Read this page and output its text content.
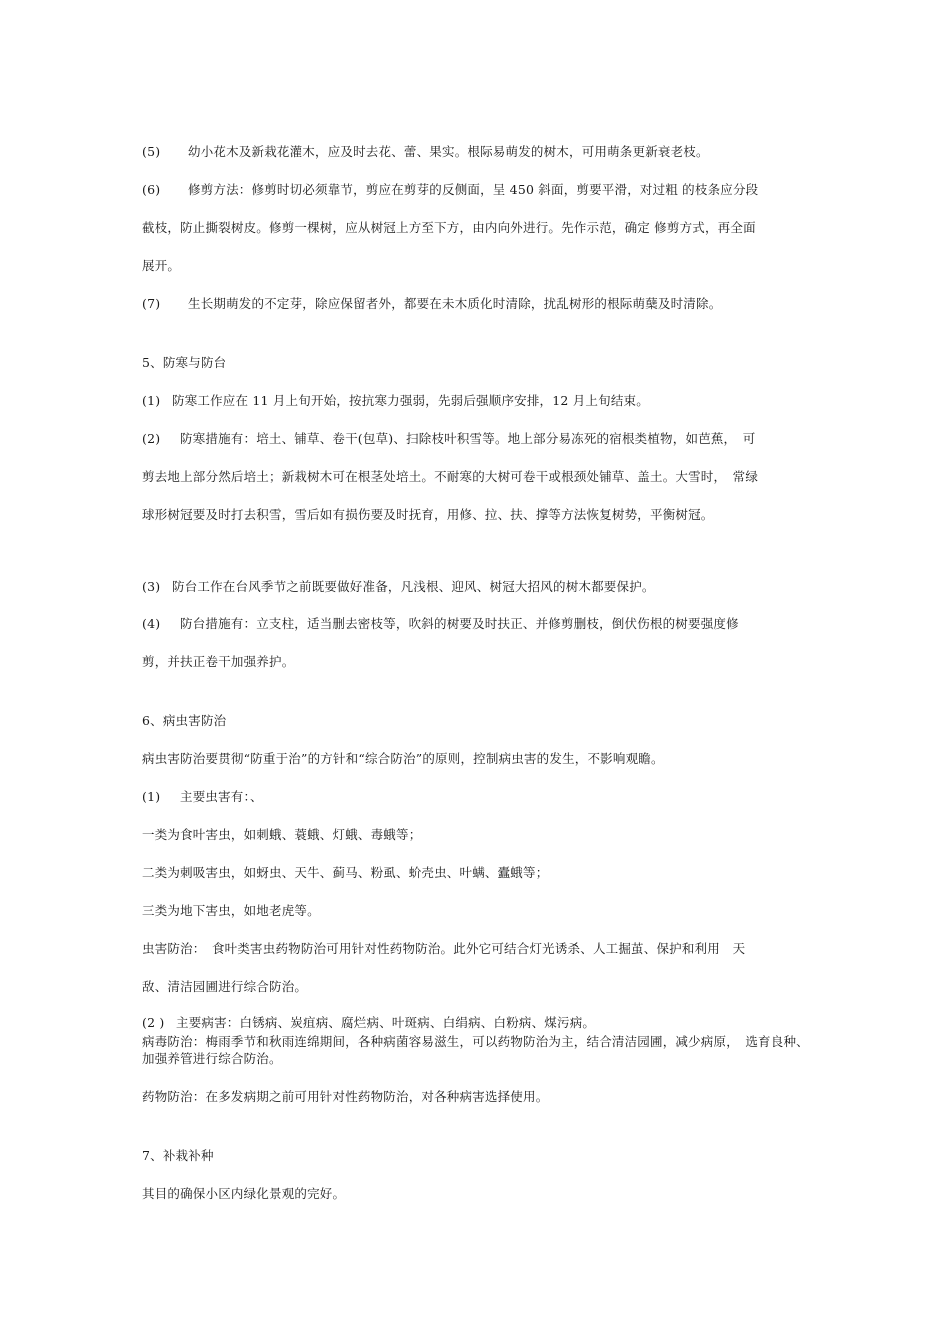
(5) 幼小花木及新栽花灌木，应及时去花、蕾、果实。根际易萌发的树木，可用萌条更新衰老枝。
(6) 修剪方法：修剪时切必须靠节，剪应在剪芽的反侧面，呈 450 斜面，剪要平滑，对过粗 的枝条应分段
截枝，防止撕裂树皮。修剪一棵树，应从树冠上方至下方，由内向外进行。先作示范，确定 修剪方式，再全面
展开。
(7) 生长期萌发的不定芽，除应保留者外，都要在未木质化时清除，扰乱树形的根际萌蘖及时清除。
5、防寒与防台
(1) 防寒工作应在 11 月上旬开始，按抗寒力强弱，先弱后强顺序安排，12 月上旬结束。
(2) 防寒措施有：培土、铺草、卷干(包草)、扫除枝叶积雪等。地上部分易冻死的宿根类植物，如芭蕉，　可
剪去地上部分然后培土；新栽树木可在根茎处培土。不耐寒的大树可卷干或根颈处铺草、盖土。大雪时，　常绿
球形树冠要及时打去积雪，雪后如有损伤要及时抚育，用修、拉、扶、撑等方法恢复树势，平衡树冠。
(3) 防台工作在台风季节之前既要做好准备，凡浅根、迎风、树冠大招风的树木都要保护。
(4) 防台措施有：立支柱，适当删去密枝等，吹斜的树要及时扶正、并修剪删枝，倒伏伤根的树要强度修
剪，并扶正卷干加强养护。
6、病虫害防治
病虫害防治要贯彻“防重于治”的方针和“综合防治”的原则，控制病虫害的发生，不影响观瞻。
(1) 主要虫害有：、
一类为食叶害虫，如刺蛾、蓑蛾、灯蛾、毒蛾等；
二类为刺吸害虫，如蚜虫、天牛、蓟马、粉虱、蚧壳虫、叶螨、蠹蛾等；
三类为地下害虫，如地老虎等。
虫害防治：　食叶类害虫药物防治可用针对性药物防治。此外它可结合灯光诱杀、人工掘茧、保护和利用　天
敌、清洁园圃进行综合防治。
(2 ) 主要病害：白锈病、炭疽病、腐烂病、叶斑病、白绢病、白粉病、煤污病。
病毒防治：梅雨季节和秋雨连绵期间，各种病菌容易滋生，可以药物防治为主，结合清洁园圃，减少病原，　选育良种、加强养管进行综合防治。
药物防治：在多发病期之前可用针对性药物防治，对各种病害选择使用。
7、补栽补种
其目的确保小区内绿化景观的完好。
